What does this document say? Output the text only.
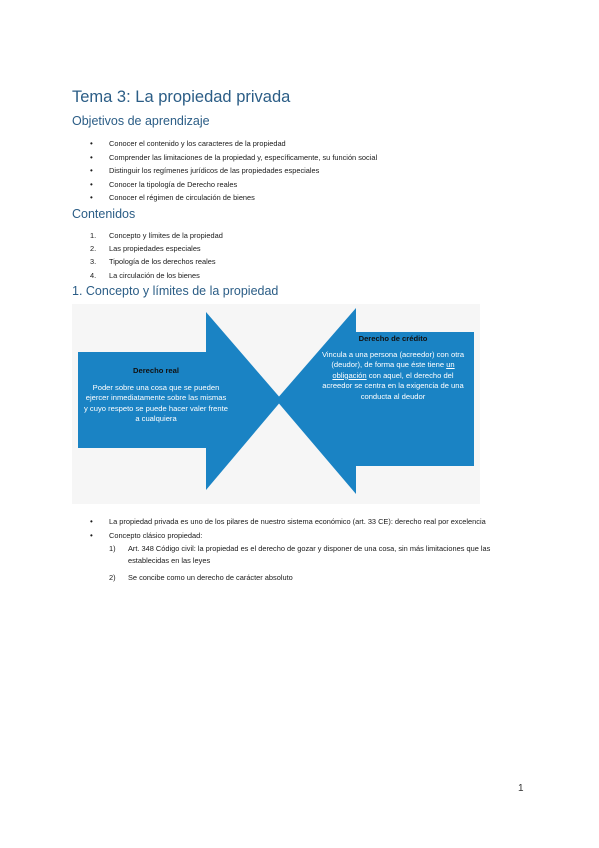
Tema 3: La propiedad privada
Objetivos de aprendizaje
• Conocer el contenido y los caracteres de la propiedad
• Comprender las limitaciones de la propiedad y, específicamente, su función social
• Distinguir los regímenes jurídicos de las propiedades especiales
• Conocer la tipología de Derecho reales
• Conocer el régimen de circulación de bienes
Contenidos
1. Concepto y límites de la propiedad
2. Las propiedades especiales
3. Tipología de los derechos reales
4. La circulación de los bienes
1. Concepto y límites de la propiedad
Derecho real
Poder sobre una cosa que se pueden ejercer inmediatamente sobre las mismas y cuyo respeto se puede hacer valer frente a cualquiera
Derecho de crédito
Vincula a una persona (acreedor) con otra (deudor), de forma que éste tiene un obligación con aquel, el derecho del acreedor se centra en la exigencia de una conducta al deudor
• La propiedad privada es uno de los pilares de nuestro sistema económico (art. 33 CE): derecho real por excelencia
• Concepto clásico propiedad:
1) Art. 348 Código civil: la propiedad es el derecho de gozar y disponer de una cosa, sin más limitaciones que las establecidas en las leyes
2) Se concibe como un derecho de carácter absoluto
1
